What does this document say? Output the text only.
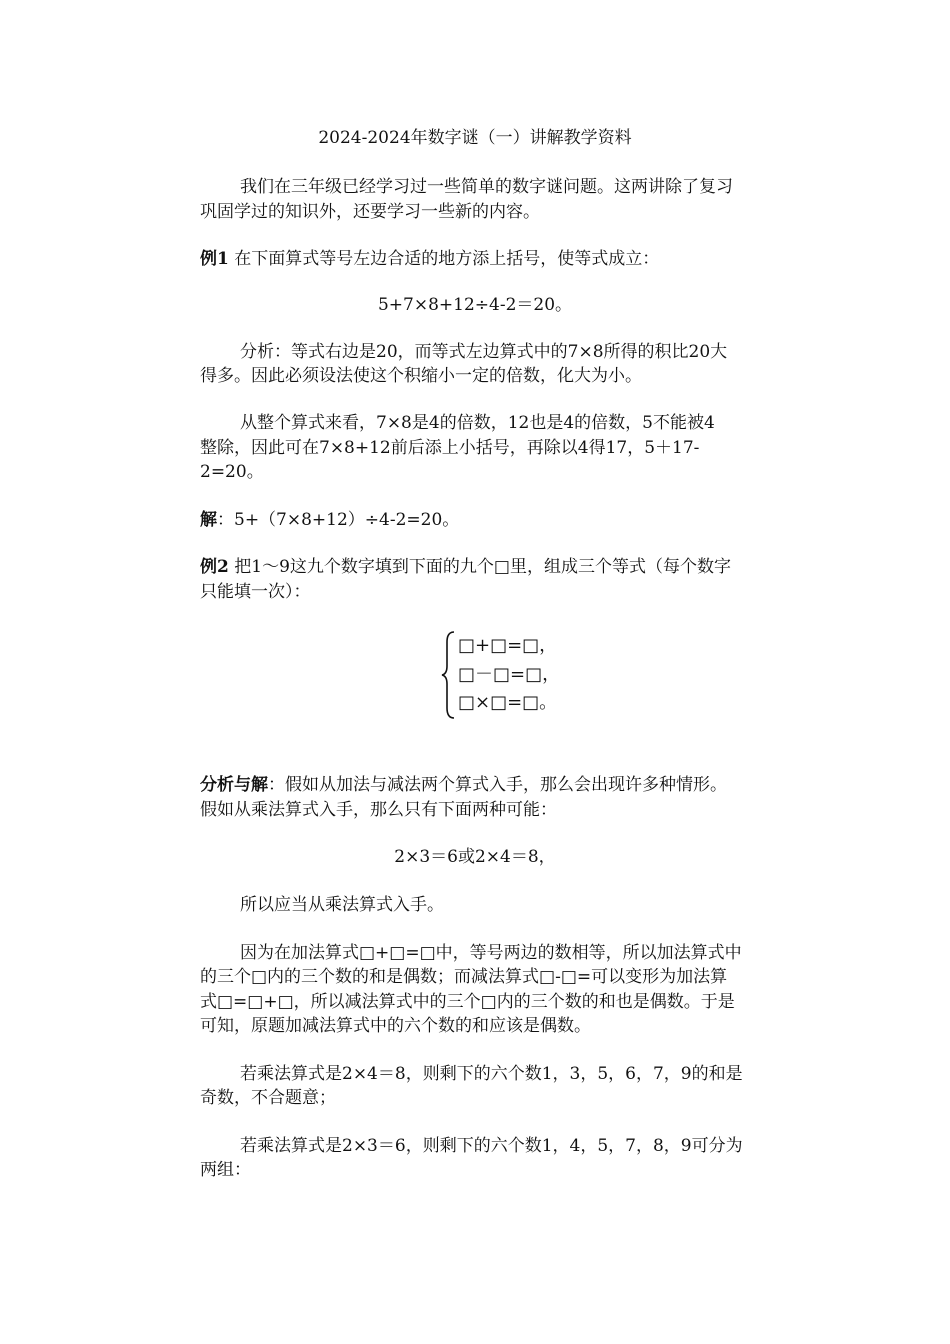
2024-2024年数字谜（一）讲解教学资料
我们在三年级已经学习过一些简单的数字谜问题。这两讲除了复习
巩固学过的知识外，还要学习一些新的内容。
例1 在下面算式等号左边合适的地方添上括号，使等式成立：
5+7×8+12÷4-2＝20。
分析：等式右边是20，而等式左边算式中的7×8所得的积比20大
得多。因此必须设法使这个积缩小一定的倍数，化大为小。
从整个算式来看，7×8是4的倍数，12也是4的倍数，5不能被4
整除，因此可在7×8+12前后添上小括号，再除以4得17，5＋17-
2=20。
解：5+（7×8+12）÷4-2=20。
例2 把1～9这九个数字填到下面的九个□里，组成三个等式（每个数字
只能填一次）：
□+□=□，
□－□=□，
□×□=□。
分析与解：假如从加法与减法两个算式入手，那么会出现许多种情形。
假如从乘法算式入手，那么只有下面两种可能：
2×3＝6或2×4＝8，
所以应当从乘法算式入手。
因为在加法算式□+□=□中，等号两边的数相等，所以加法算式中
的三个□内的三个数的和是偶数；而减法算式□-□=可以变形为加法算
式□=□+□，所以减法算式中的三个□内的三个数的和也是偶数。于是
可知，原题加减法算式中的六个数的和应该是偶数。
若乘法算式是2×4＝8，则剩下的六个数1，3，5，6，7，9的和是
奇数，不合题意；
若乘法算式是2×3＝6，则剩下的六个数1，4，5，7，8，9可分为
两组：
